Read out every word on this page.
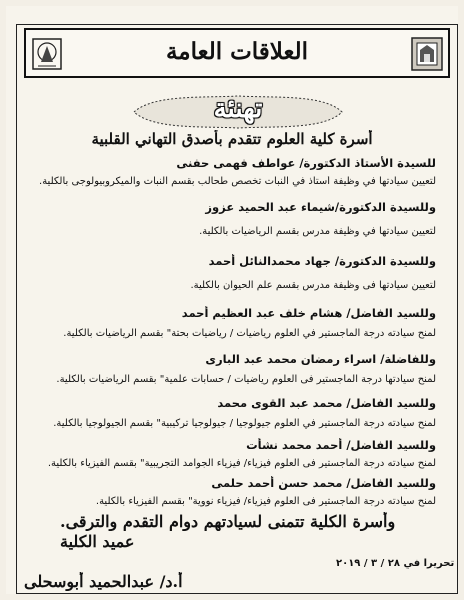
العلاقات العامة
تهنئة
أسرة كلية العلوم تتقدم بأصدق التهاني القلبية
للسيدة الأستاذ الدكتورة/ عواطف فهمى حفنى
لتعيين سيادتها في وظيفة أستاذ في النبات تخصص طحالب بقسم النبات والميكروبيولوجى بالكلية.
وللسيدة الدكتورة/شيماء عبد الحميد عزوز
لتعيين سيادتها في وظيفة مدرس بقسم الرياضيات بالكلية.
وللسيدة الدكتورة/ جهاد محمدالنائل أحمد
لتعيين سيادتها فى وظيفة مدرس بقسم علم الحيوان بالكلية.
وللسيد الفاضل/ هشام خلف عبد العظيم أحمد
لمنح سيادته درجة الماجستير في العلوم رياضيات / رياضيات بحتة" بقسم الرياضيات بالكلية.
وللفاضلة/ اسراء رمضان محمد عبد البارى
لمنح سيادتها درجة الماجستير فى العلوم رياضيات / حسابات علمية" بقسم الرياضيات بالكلية.
وللسيد الفاضل/ محمد عبد القوى محمد
لمنح سيادته درجة الماجستير في العلوم جيولوجيا / جيولوجيا تركيبية" بقسم الجيولوجيا بالكلية.
وللسيد الفاضل/ أحمد محمد نشأت
لمنح سيادته درجة الماجستير فى العلوم فيزياء/ فيزياء الجوامد التجريبية" بقسم الفيزياء بالكلية.
وللسيد الفاضل/ محمد حسن أحمد حلمى
لمنح سيادته درجة الماجستير فى العلوم فيزياء/ فيزياء نووية" بقسم الفيزياء بالكلية.
وأسرة الكلية تتمنى لسيادتهم دوام التقدم والترقى.
عميد الكلية
تحريرا في ٢٨ / ٣ / ٢٠١٩
أ.د/ عبدالحميد أبوسحلى
